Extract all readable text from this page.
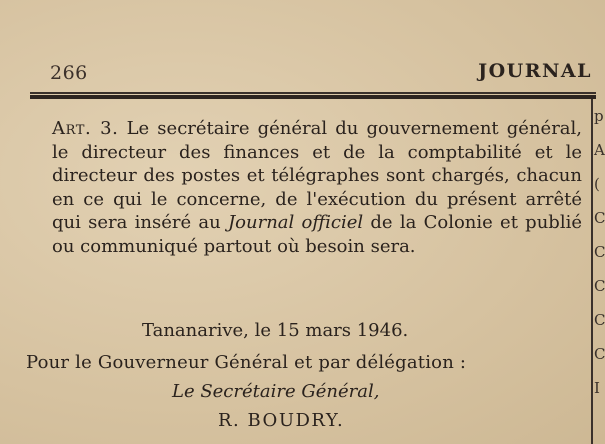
266	JOURNAL
p
A
(
C
C
C
C
C
I
Art. 3. Le secrétaire général du gouvernement général, le directeur des finances et de la comptabilité et le directeur des postes et télégraphes sont chargés, chacun en ce qui le concerne, de l'exécution du présent arrêté qui sera inséré au Journal officiel de la Colonie et publié ou communiqué partout où besoin sera.
Tananarive, le 15 mars 1946.
Pour le Gouverneur Général et par délégation :
Le Secrétaire Général,
R. BOUDRY.
